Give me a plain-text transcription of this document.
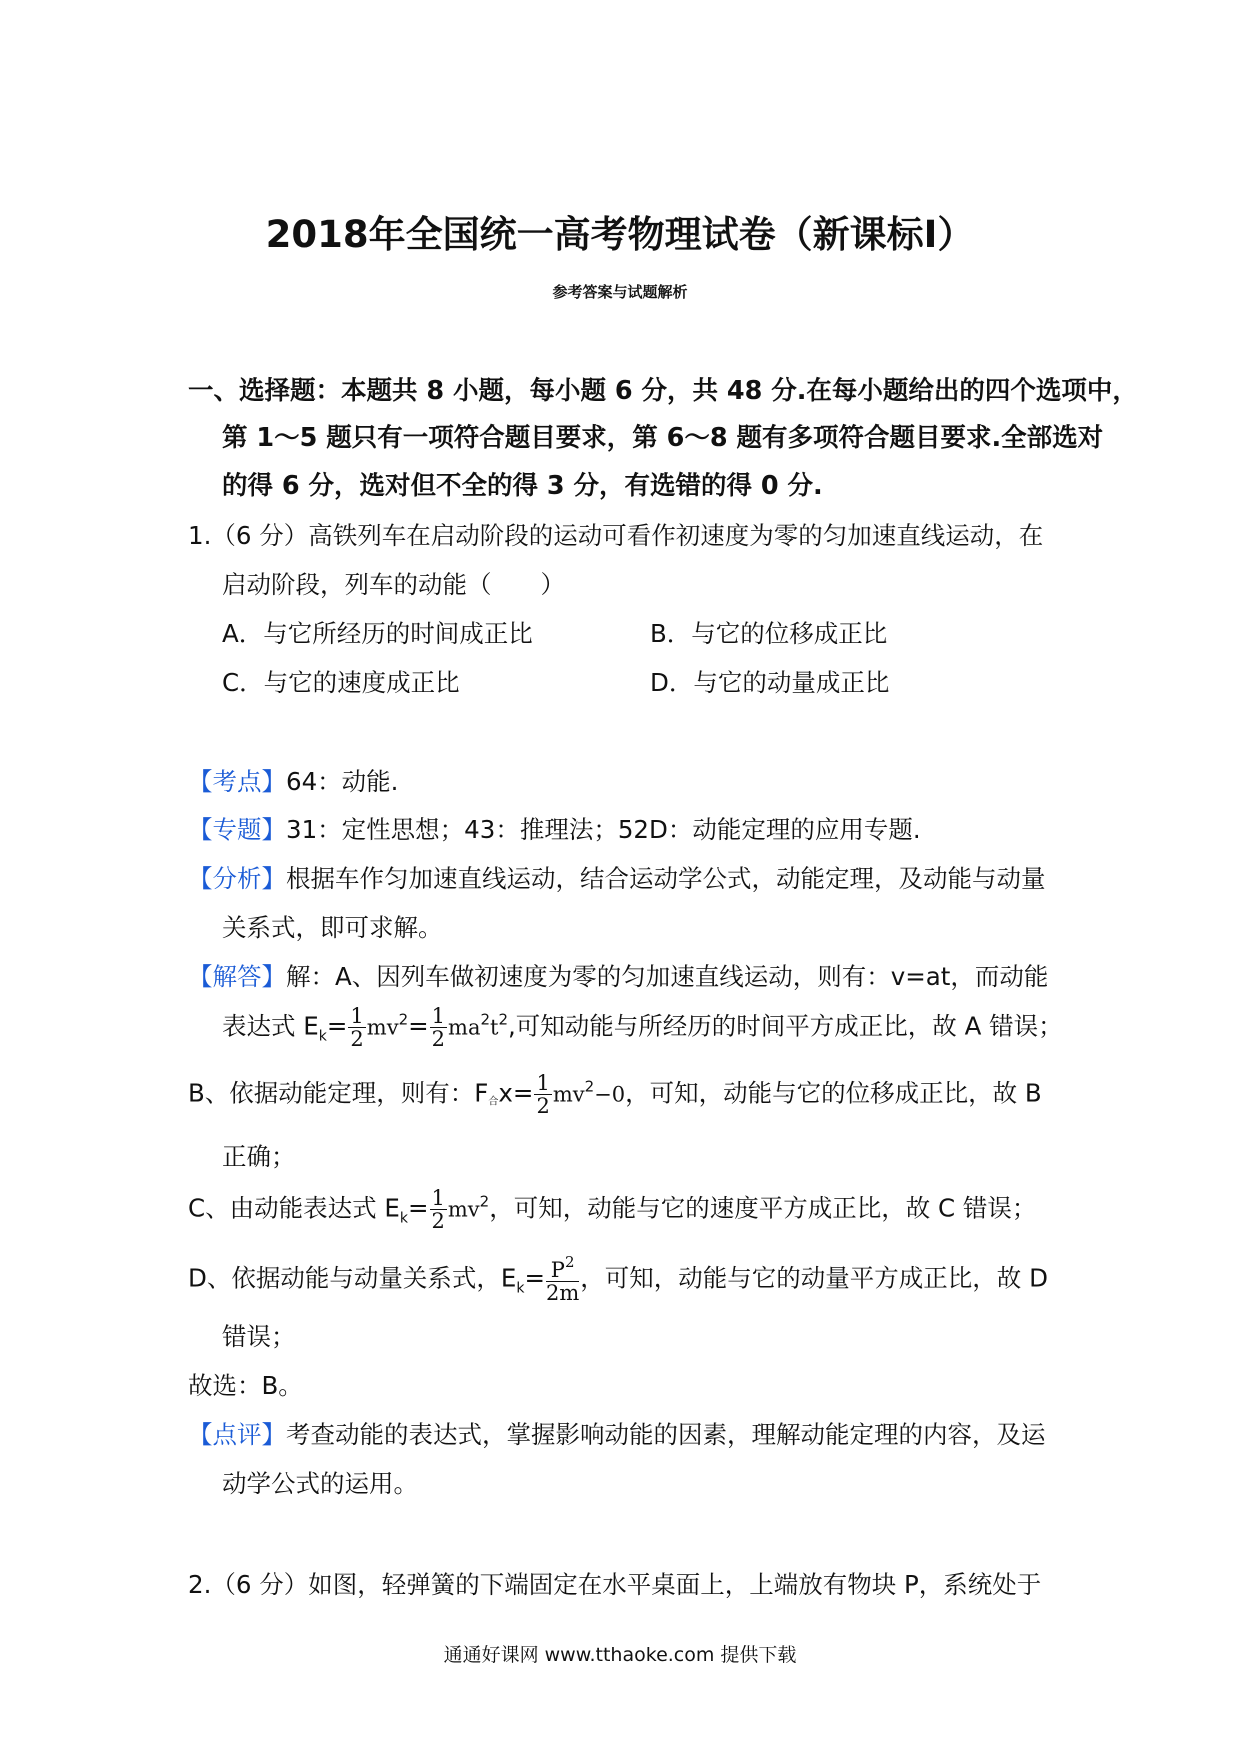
2018年全国统一高考物理试卷（新课标Ⅰ）
参考答案与试题解析
一、选择题：本题共 8 小题，每小题 6 分，共 48 分.在每小题给出的四个选项中，
第 1～5 题只有一项符合题目要求，第 6～8 题有多项符合题目要求.全部选对
的得 6 分，选对但不全的得 3 分，有选错的得 0 分.
1.（6 分）高铁列车在启动阶段的运动可看作初速度为零的匀加速直线运动，在
启动阶段，列车的动能（　　）
A．与它所经历的时间成正比	B．与它的位移成正比
C．与它的速度成正比	D．与它的动量成正比
【考点】64：动能.
【专题】31：定性思想；43：推理法；52D：动能定理的应用专题.
【分析】根据车作匀加速直线运动，结合运动学公式，动能定理，及动能与动量
关系式，即可求解。
【解答】解：A、因列车做初速度为零的匀加速直线运动，则有：v=at，而动能
表达式 $E_k= \frac{1}{2} mv^2= \frac{1}{2} ma^2t^2$,可知动能与所经历的时间平方成正比，故 A 错误；
B、依据动能定理，则有：F合$x= \frac{1}{2} mv^2-0$，可知，动能与它的位移成正比，故 B
正确；
C、由动能表达式 $E_k= \frac{1}{2} mv^2$，可知，动能与它的速度平方成正比，故 C 错误；
D、依据动能与动量关系式，$E_k= \frac{P^2}{2m}$ ，可知，动能与它的动量平方成正比，故 D
错误；
故选：B。
【点评】考查动能的表达式，掌握影响动能的因素，理解动能定理的内容，及运
动学公式的运用。
2.（6 分）如图，轻弹簧的下端固定在水平桌面上，上端放有物块 P，系统处于
通通好课网 www.tthaoke.com 提供下载
